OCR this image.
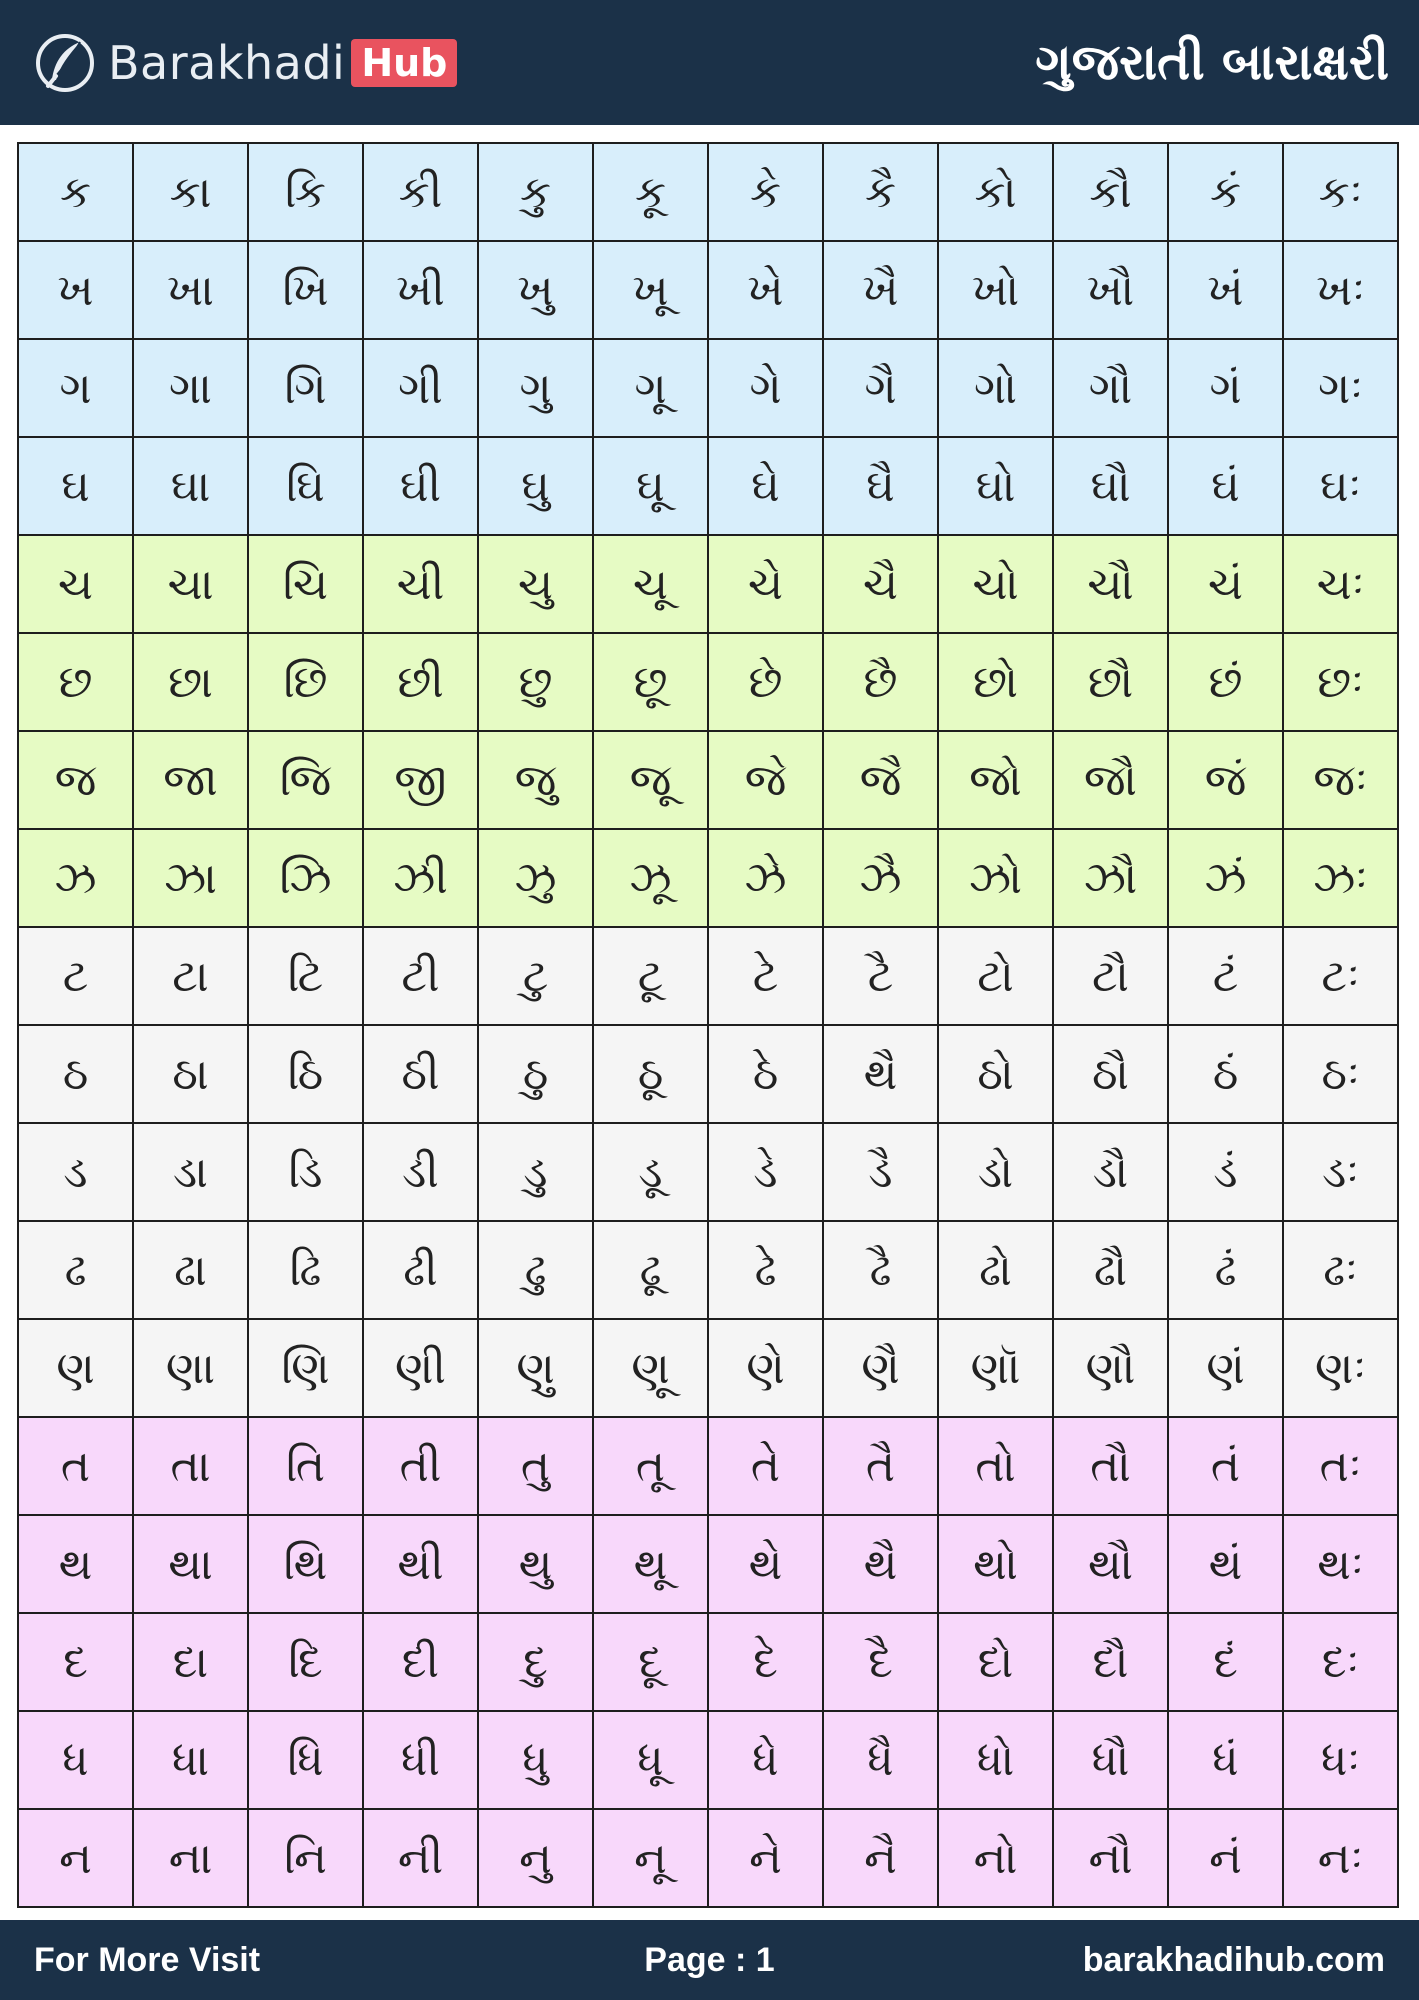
Barakhadi Hub	ગુજરાતી બારાક્ષરી
ક	કા	કિ	કી	કુ	કૂ	કે	કૈ	કો	કૌ	કં	કઃ
ખ	ખા	ખિ	ખી	ખુ	ખૂ	ખે	ખૈ	ખો	ખૌ	ખં	ખઃ
ગ	ગા	ગિ	ગી	ગુ	ગૂ	ગે	ગૈ	ગો	ગૌ	ગં	ગઃ
ઘ	ઘા	ઘિ	ઘી	ઘુ	ઘૂ	ઘે	ઘૈ	ઘો	ઘૌ	ઘં	ઘઃ
ચ	ચા	ચિ	ચી	ચુ	ચૂ	ચે	ચૈ	ચો	ચૌ	ચં	ચઃ
છ	છા	છિ	છી	છુ	છૂ	છે	છૈ	છો	છૌ	છં	છઃ
જ	જા	જિ	જી	જુ	જૂ	જે	જૈ	જો	જૌ	જં	જઃ
ઝ	ઝા	ઝિ	ઝી	ઝુ	ઝૂ	ઝે	ઝૈ	ઝો	ઝૌ	ઝં	ઝઃ
ટ	ટા	ટિ	ટી	ટુ	ટૂ	ટે	ટૈ	ટો	ટૌ	ટં	ટઃ
ઠ	ઠા	ઠિ	ઠી	ઠુ	ઠૂ	ઠે	થૈ	ઠો	ઠૌ	ઠં	ઠઃ
ડ	ડા	ડિ	ડી	ડુ	ડૂ	ડે	ડૈ	ડો	ડૌ	ડં	ડઃ
ઢ	ઢા	ઢિ	ઢી	ઢુ	ઢૂ	ઢે	ઢૈ	ઢો	ઢૌ	ઢં	ઢઃ
ણ	ણા	ણિ	ણી	ણુ	ણૂ	ણે	ણૈ	ણૉ	ણૌ	ણં	ણઃ
ત	તા	તિ	તી	તુ	તૂ	તે	તૈ	તો	તૌ	તં	તઃ
થ	થા	થિ	થી	થુ	થૂ	થે	થૈ	થો	થૌ	થં	થઃ
દ	દા	દિ	દી	દુ	દૂ	દે	દૈ	દો	દૌ	દં	દઃ
ધ	ધા	ધિ	ધી	ધુ	ધૂ	ધે	ધૈ	ધો	ધૌ	ધં	ધઃ
ન	ના	નિ	ની	નુ	નૂ	ને	નૈ	નો	નૌ	નં	નઃ
For More Visit	Page : 1	barakhadihub.com
